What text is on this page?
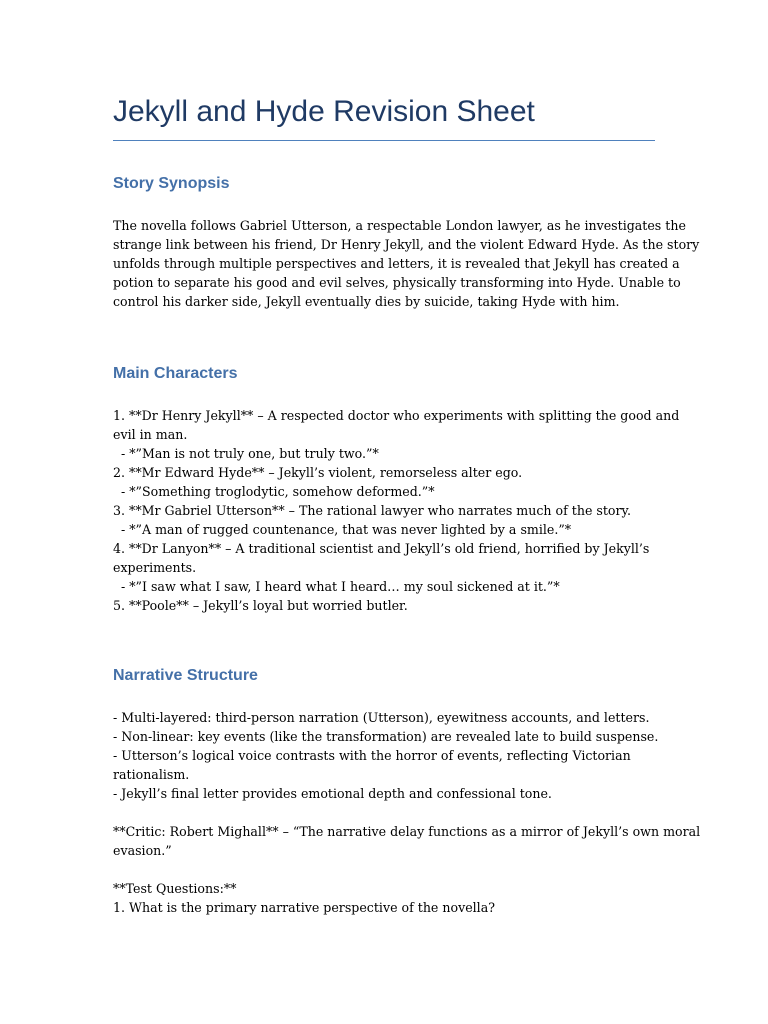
Jekyll and Hyde Revision Sheet
Story Synopsis

The novella follows Gabriel Utterson, a respectable London lawyer, as he investigates the
strange link between his friend, Dr Henry Jekyll, and the violent Edward Hyde. As the story
unfolds through multiple perspectives and letters, it is revealed that Jekyll has created a
potion to separate his good and evil selves, physically transforming into Hyde. Unable to
control his darker side, Jekyll eventually dies by suicide, taking Hyde with him.

Main Characters

1. **Dr Henry Jekyll** – A respected doctor who experiments with splitting the good and
evil in man.
- *”Man is not truly one, but truly two.”*
2. **Mr Edward Hyde** – Jekyll’s violent, remorseless alter ego.
- *”Something troglodytic, somehow deformed.”*
3. **Mr Gabriel Utterson** – The rational lawyer who narrates much of the story.
- *”A man of rugged countenance, that was never lighted by a smile.”*
4. **Dr Lanyon** – A traditional scientist and Jekyll’s old friend, horrified by Jekyll’s
experiments.
- *”I saw what I saw, I heard what I heard… my soul sickened at it.”*
5. **Poole** – Jekyll’s loyal but worried butler.

Narrative Structure

- Multi-layered: third-person narration (Utterson), eyewitness accounts, and letters.
- Non-linear: key events (like the transformation) are revealed late to build suspense.
- Utterson’s logical voice contrasts with the horror of events, reflecting Victorian
rationalism.
- Jekyll’s final letter provides emotional depth and confessional tone.

**Critic: Robert Mighall** – “The narrative delay functions as a mirror of Jekyll’s own moral
evasion.”

**Test Questions:**
1. What is the primary narrative perspective of the novella?
